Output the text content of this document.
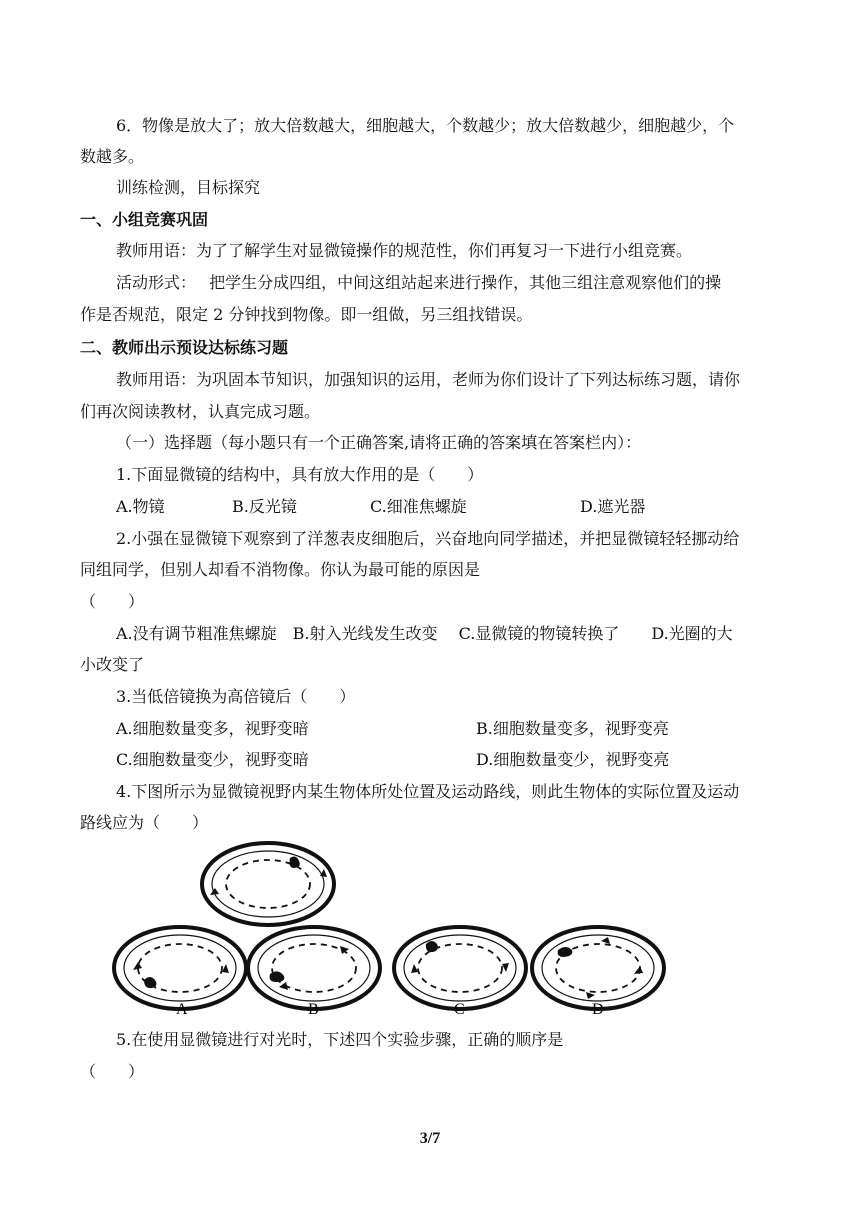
6．物像是放大了；放大倍数越大，细胞越大，个数越少；放大倍数越少，细胞越少，个
数越多。
训练检测，目标探究
一、小组竞赛巩固
教师用语：为了了解学生对显微镜操作的规范性，你们再复习一下进行小组竞赛。
活动形式：　 把学生分成四组，中间这组站起来进行操作，其他三组注意观察他们的操
作是否规范，限定 2 分钟找到物像。即一组做，另三组找错误。
二、教师出示预设达标练习题
教师用语：为巩固本节知识，加强知识的运用，老师为你们设计了下列达标练习题，请你
们再次阅读教材，认真完成习题。
（一）选择题（每小题只有一个正确答案,请将正确的答案填在答案栏内）：
1.下面显微镜的结构中，具有放大作用的是（　　）
A.物镜	B.反光镜	C.细准焦螺旋	D.遮光器
2.小强在显微镜下观察到了洋葱表皮细胞后，兴奋地向同学描述，并把显微镜轻轻挪动给
同组同学，但别人却看不消物像。你认为最可能的原因是
（　　）
A.没有调节粗准焦螺旋　B.射入光线发生改变　 C.显微镜的物镜转换了　　D.光圈的大
小改变了
3.当低倍镜换为高倍镜后（　　）
A.细胞数量变多，视野变暗	B.细胞数量变多，视野变亮
C.细胞数量变少，视野变暗	D.细胞数量变少，视野变亮
4.下图所示为显微镜视野内某生物体所处位置及运动路线，则此生物体的实际位置及运动
路线应为（　　）
A	B	C	D
5.在使用显微镜进行对光时，下述四个实验步骤，正确的顺序是
（　　）
3/7
